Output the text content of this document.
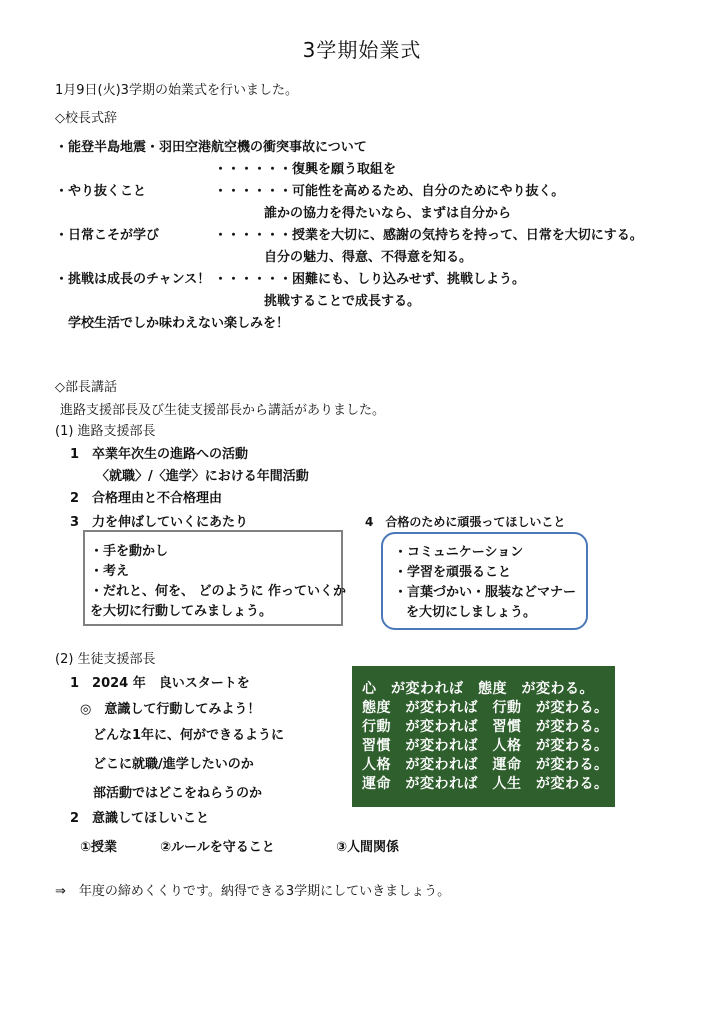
3学期始業式
1月9日(火)3学期の始業式を行いました。
◇校長式辞
・能登半島地震・羽田空港航空機の衝突事故について
・・・・・・復興を願う取組を
・やり抜くこと	・・・・・・可能性を高めるため、自分のためにやり抜く。
誰かの協力を得たいなら、まずは自分から
・日常こそが学び	・・・・・・授業を大切に、感謝の気持ちを持って、日常を大切にする。
自分の魅力、得意、不得意を知る。
・挑戦は成長のチャンス！ ・・・・・・困難にも、しり込みせず、挑戦しよう。
挑戦することで成長する。
学校生活でしか味わえない楽しみを！
◇部長講話
進路支援部長及び生徒支援部長から講話がありました。
(1) 進路支援部長
1　卒業年次生の進路への活動
〈就職〉/〈進学〉における年間活動
2　合格理由と不合格理由
3　力を伸ばしていくにあたり	4　合格のために頑張ってほしいこと
・手を動かし
・考え
・だれと、何を、 どのように 作っていくか
を大切に行動してみましょう。
・コミュニケーション
・学習を頑張ること
・言葉づかい・服装などマナー
を大切にしましょう。
(2) 生徒支援部長
1　2024 年　良いスタートを
◎　意識して行動してみよう！
どんな1年に、何ができるように
どこに就職/進学したいのか
部活動ではどこをねらうのか
2　意識してほしいこと
①授業	②ルールを守ること	③人間関係
心　が変われば　態度　が変わる。
態度　が変われば　行動　が変わる。
行動　が変われば　習慣　が変わる。
習慣　が変われば　人格　が変わる。
人格　が変われば　運命　が変わる。
運命　が変われば　人生　が変わる。
⇒　年度の締めくくりです。納得できる3学期にしていきましょう。
